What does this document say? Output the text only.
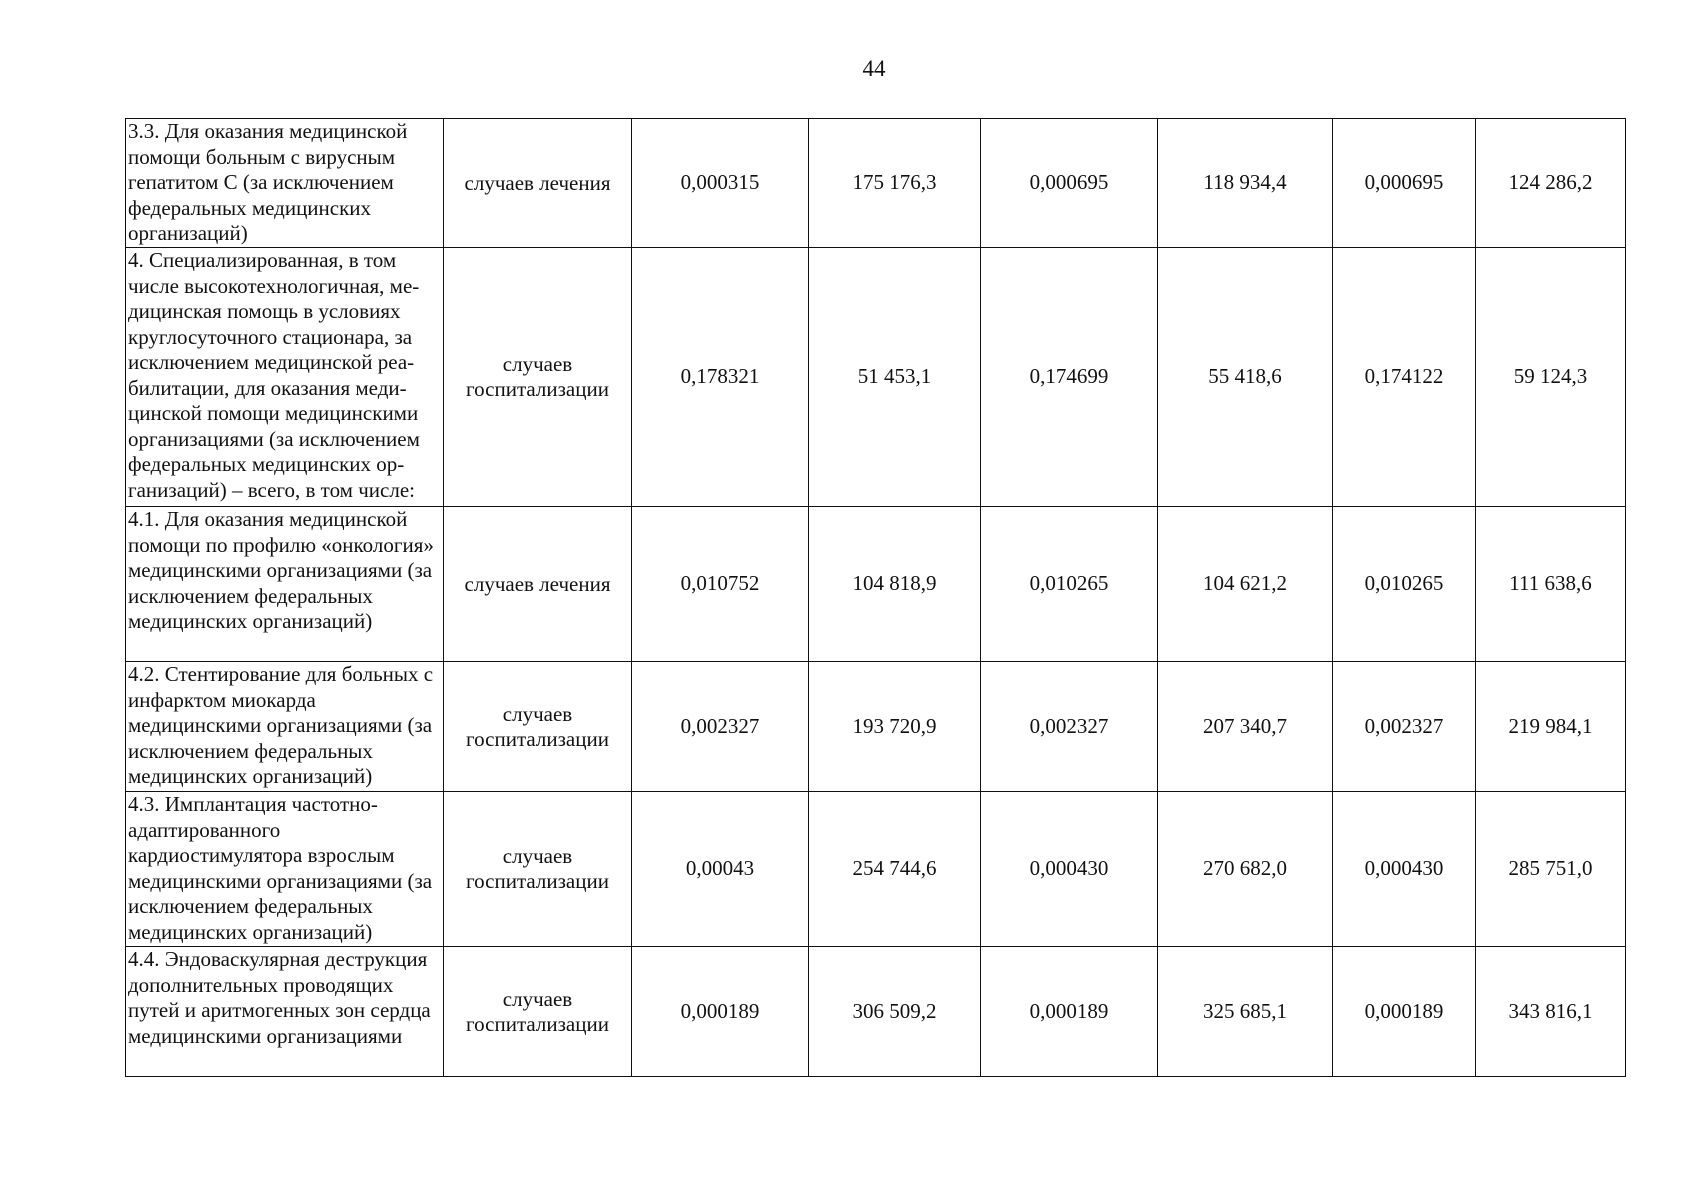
44
3.3. Для оказания медицинской помощи больным с вирусным гепатитом С (за исключением федеральных медицинских организаций)	случаев лечения	0,000315	175 176,3	0,000695	118 934,4	0,000695	124 286,2
4. Специализированная, в том числе высокотехнологичная, ме-дицинская помощь в условиях круглосуточного стационара, за исключением медицинской реа-билитации, для оказания меди-цинской помощи медицинскими организациями (за исключением федеральных медицинских ор-ганизаций) – всего, в том числе:	случаев госпитализации	0,178321	51 453,1	0,174699	55 418,6	0,174122	59 124,3
4.1. Для оказания медицинской помощи по профилю «онкология» медицинскими организациями (за исключением федеральных медицинских организаций)	случаев лечения	0,010752	104 818,9	0,010265	104 621,2	0,010265	111 638,6
4.2. Стентирование для больных с инфарктом миокарда медицинскими организациями (за исключением федеральных медицинских организаций)	случаев госпитализации	0,002327	193 720,9	0,002327	207 340,7	0,002327	219 984,1
4.3. Имплантация частотно-адаптированного кардиостимулятора взрослым медицинскими организациями (за исключением федеральных медицинских организаций)	случаев госпитализации	0,00043	254 744,6	0,000430	270 682,0	0,000430	285 751,0
4.4. Эндоваскулярная деструкция дополнительных проводящих путей и аритмогенных зон сердца медицинскими организациями	случаев госпитализации	0,000189	306 509,2	0,000189	325 685,1	0,000189	343 816,1
